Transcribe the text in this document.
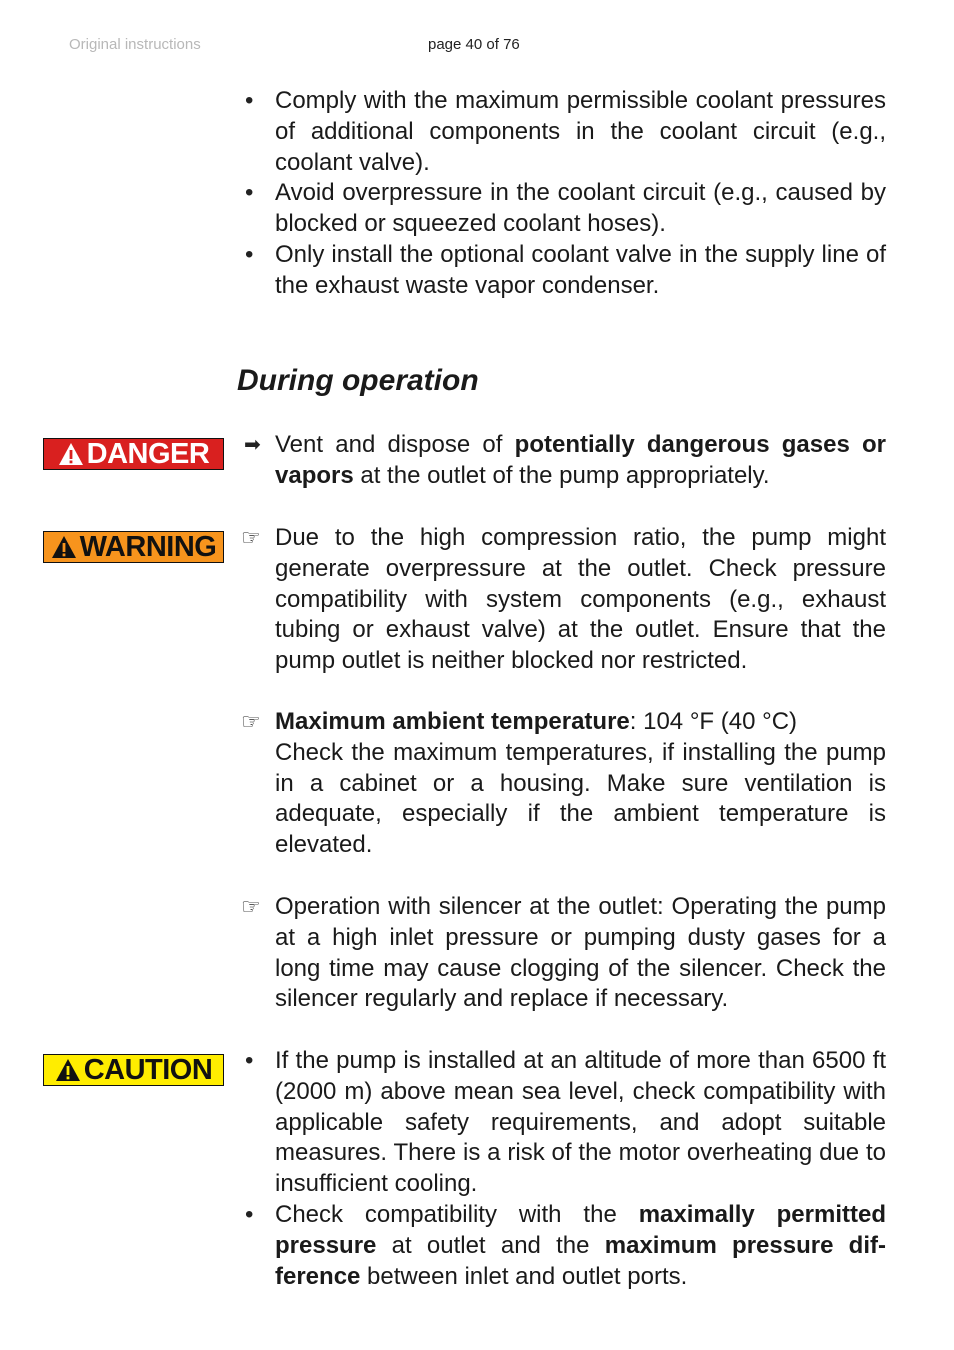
Original instructions	page 40 of 76
• Comply with the maximum permissible coolant pressures of additional components in the coolant circuit (e.g., coolant valve).
• Avoid overpressure in the coolant circuit (e.g., caused by blocked or squeezed coolant hoses).
• Only install the optional coolant valve in the supply line of the exhaust waste vapor condenser.
During operation
DANGER ➡ Vent and dispose of potentially dangerous gases or vapors at the outlet of the pump appropriately.
WARNING ☞ Due to the high compression ratio, the pump might generate overpressure at the outlet. Check pressure compatibility with system components (e.g., exhaust tubing or exhaust valve) at the outlet. Ensure that the pump outlet is neither blocked nor restricted.
☞ Maximum ambient temperature: 104 °F (40 °C)
Check the maximum temperatures, if installing the pump in a cabinet or a housing. Make sure ventilation is adequate, especially if the ambient temperature is elevated.
☞ Operation with silencer at the outlet: Operating the pump at a high inlet pressure or pumping dusty gases for a long time may cause clogging of the silencer. Check the silencer regularly and replace if necessary.
CAUTION • If the pump is installed at an altitude of more than 6500 ft (2000 m) above mean sea level, check compatibility with applicable safety requirements, and adopt suitable measures. There is a risk of the motor overheating due to insufficient cooling.
• Check compatibility with the maximally permitted pressure at outlet and the maximum pressure difference between inlet and outlet ports.
